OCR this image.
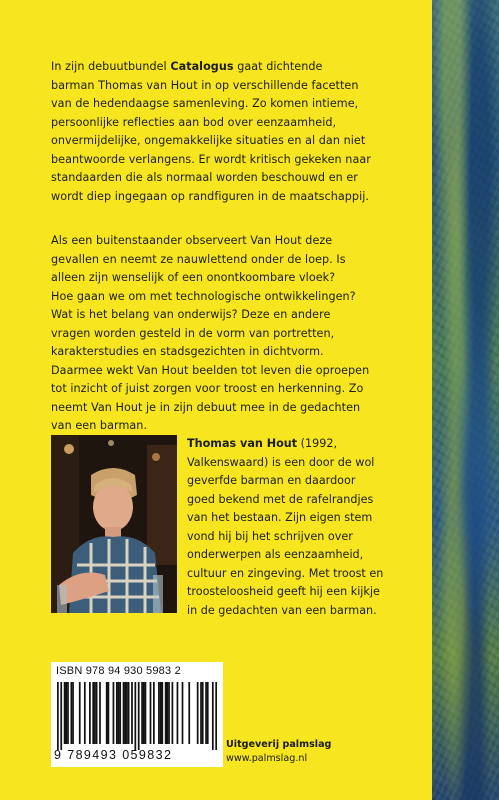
In zijn debuutbundel Catalogus gaat dichtende
barman Thomas van Hout in op verschillende facetten
van de hedendaagse samenleving. Zo komen intieme,
persoonlijke reflecties aan bod over eenzaamheid,
onvermijdelijke, ongemakkelijke situaties en al dan niet
beantwoorde verlangens. Er wordt kritisch gekeken naar
standaarden die als normaal worden beschouwd en er
wordt diep ingegaan op randfiguren in de maatschappij.

Als een buitenstaander observeert Van Hout deze
gevallen en neemt ze nauwlettend onder de loep. Is
alleen zijn wenselijk of een onontkoombare vloek?
Hoe gaan we om met technologische ontwikkelingen?
Wat is het belang van onderwijs? Deze en andere
vragen worden gesteld in de vorm van portretten,
karakterstudies en stadsgezichten in dichtvorm.
Daarmee wekt Van Hout beelden tot leven die oproepen
tot inzicht of juist zorgen voor troost en herkenning. Zo
neemt Van Hout je in zijn debuut mee in de gedachten
van een barman.

Thomas van Hout (1992,
Valkenswaard) is een door de wol
geverfde barman en daardoor
goed bekend met de rafelrandjes
van het bestaan. Zijn eigen stem
vond hij bij het schrijven over
onderwerpen als eenzaamheid,
cultuur en zingeving. Met troost en
troosteloosheid geeft hij een kijkje
in de gedachten van een barman.

ISBN 978 94 930 5983 2
9 789493 059832
Uitgeverij palmslag
www.palmslag.nl
